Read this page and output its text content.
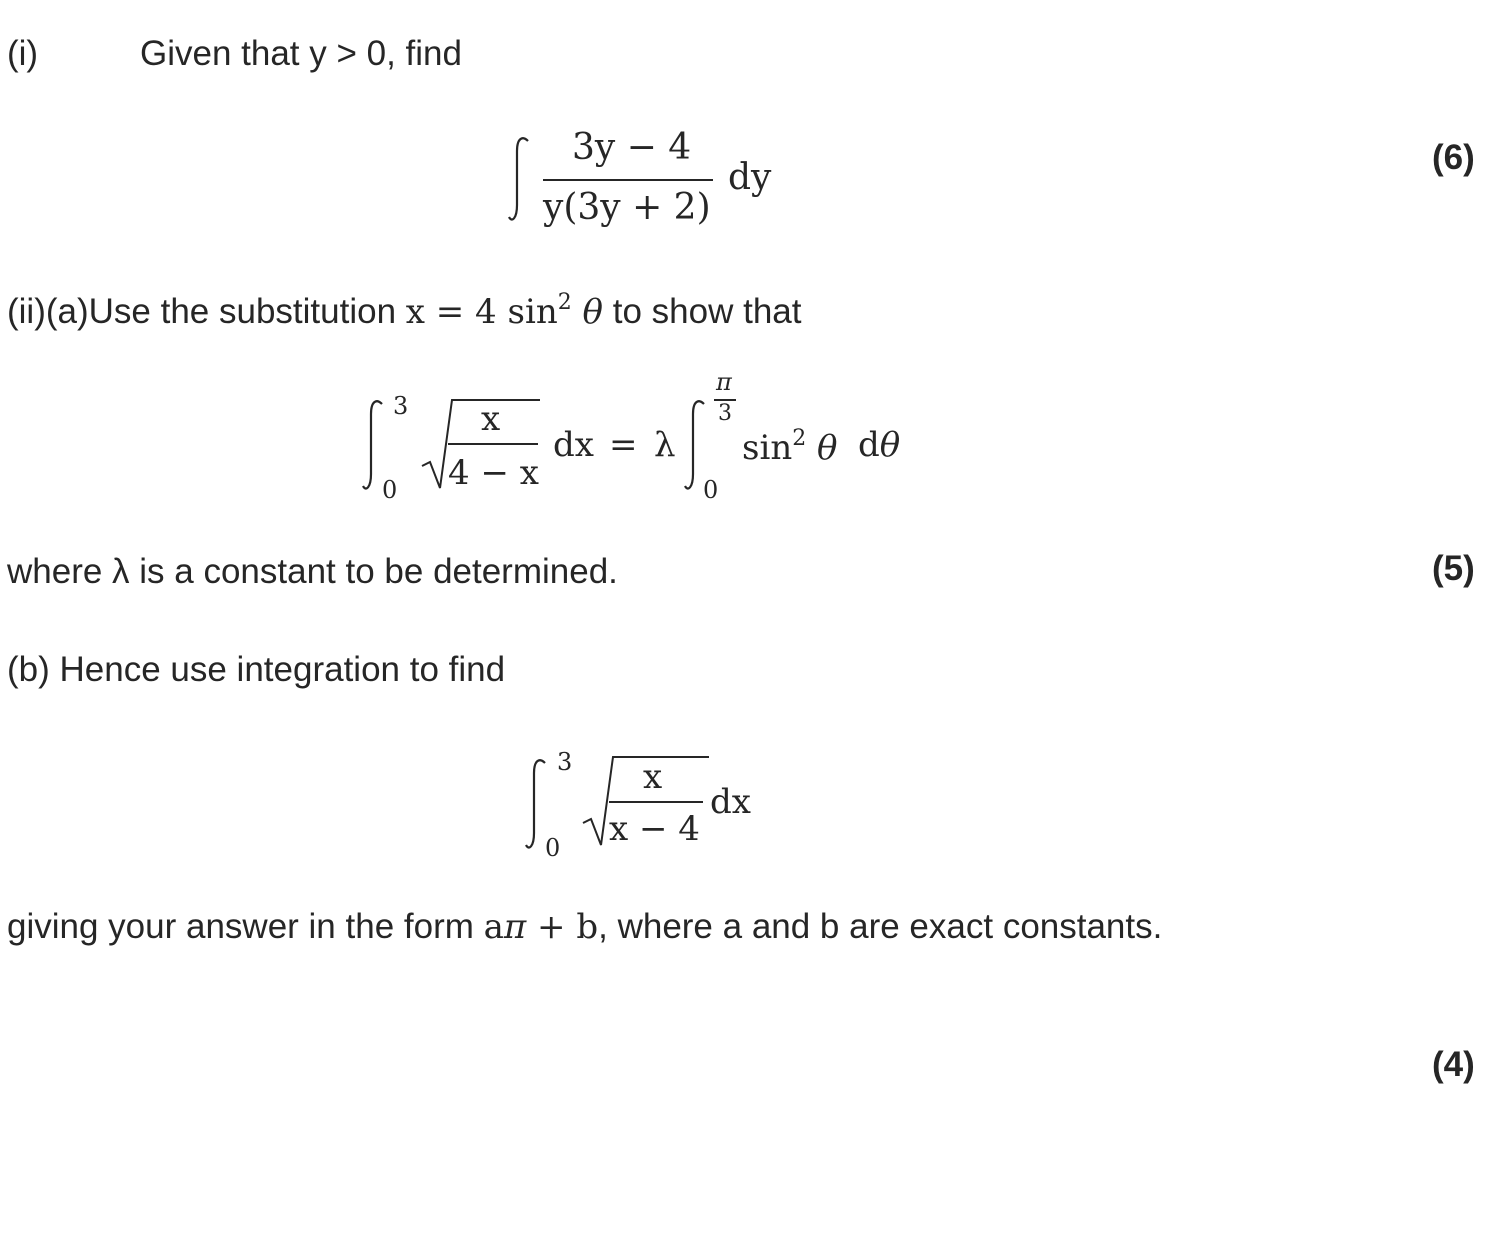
(i)	Given that y > 0, find
3y − 4
y(3y + 2)
dy	(6)
(ii)(a)Use the substitution x = 4 $\sin^2 \theta$ to show that
3
0
x
4 − x
dx = λ
π
3
0
$\sin^2 \theta$ dθ
where λ is a constant to be determined.	(5)
(b) Hence use integration to find
3
0
x
x − 4
dx
giving your answer in the form aπ + b, where a and b are exact constants.
(4)
